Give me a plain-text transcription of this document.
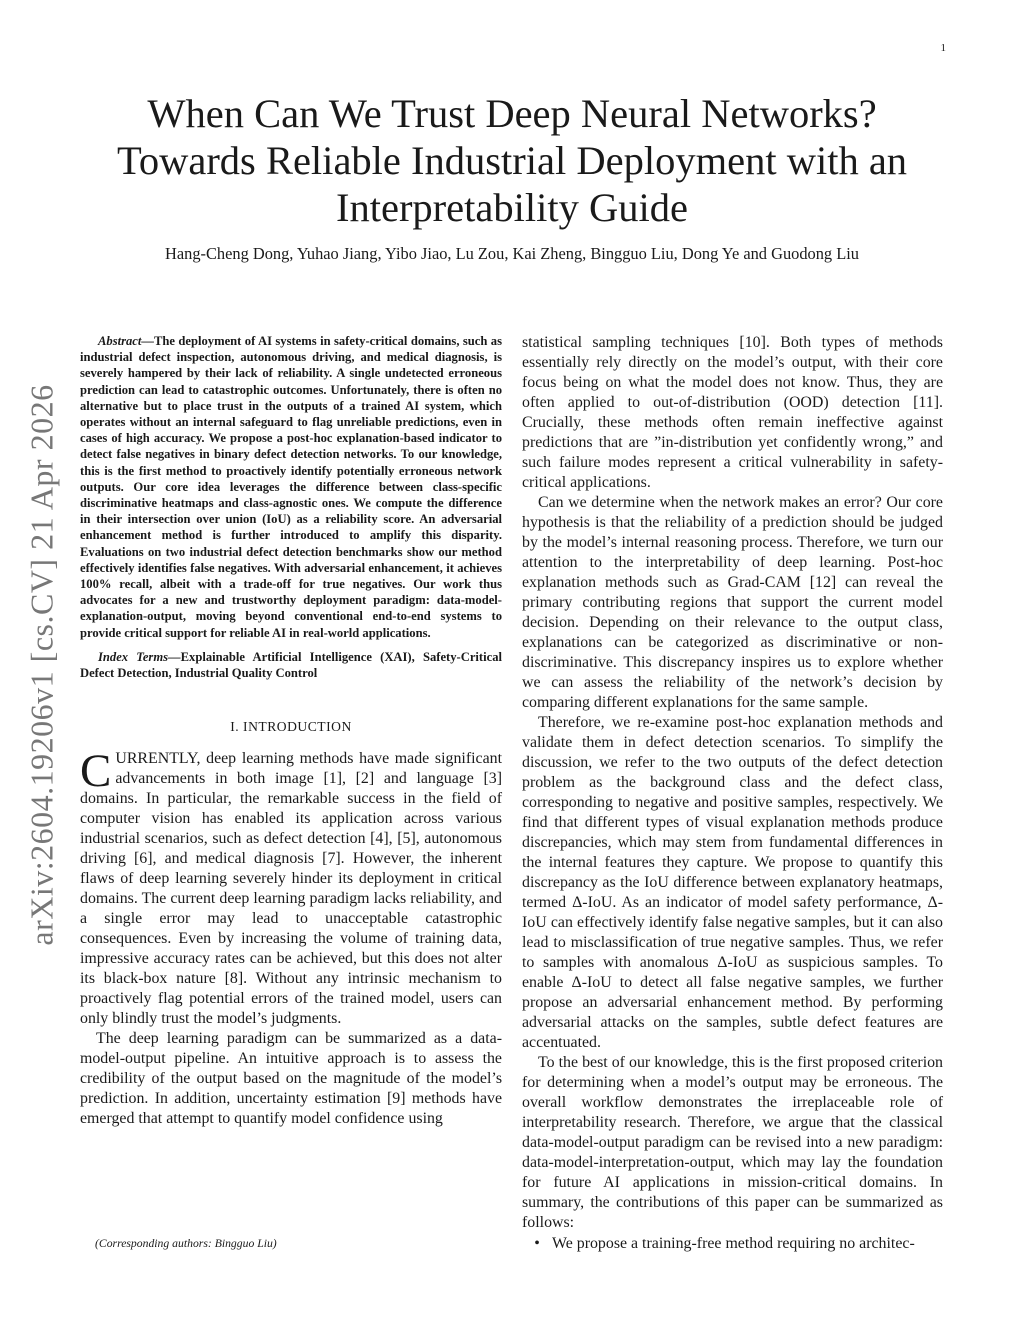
1
arXiv:2604.19206v1 [cs.CV] 21 Apr 2026
When Can We Trust Deep Neural Networks?
Towards Reliable Industrial Deployment with an
Interpretability Guide
Hang-Cheng Dong, Yuhao Jiang, Yibo Jiao, Lu Zou, Kai Zheng, Bingguo Liu, Dong Ye and Guodong Liu

Abstract—The deployment of AI systems in safety-critical domains, such as industrial defect inspection, autonomous driving, and medical diagnosis, is severely hampered by their lack of reliability. A single undetected erroneous prediction can lead to catastrophic outcomes. Unfortunately, there is often no alternative but to place trust in the outputs of a trained AI system, which operates without an internal safeguard to flag unreliable predictions, even in cases of high accuracy. We propose a post-hoc explanation-based indicator to detect false negatives in binary defect detection networks. To our knowledge, this is the first method to proactively identify potentially erroneous network outputs. Our core idea leverages the difference between class-specific discriminative heatmaps and class-agnostic ones. We compute the difference in their intersection over union (IoU) as a reliability score. An adversarial enhancement method is further introduced to amplify this disparity. Evaluations on two industrial defect detection benchmarks show our method effectively identifies false negatives. With adversarial enhancement, it achieves 100% recall, albeit with a trade-off for true negatives. Our work thus advocates for a new and trustworthy deployment paradigm: data-model-explanation-output, moving beyond conventional end-to-end systems to provide critical support for reliable AI in real-world applications.

Index Terms—Explainable Artificial Intelligence (XAI), Safety-Critical Defect Detection, Industrial Quality Control

I. INTRODUCTION

CURRENTLY, deep learning methods have made significant advancements in both image [1], [2] and language [3] domains. In particular, the remarkable success in the field of computer vision has enabled its application across various industrial scenarios, such as defect detection [4], [5], autonomous driving [6], and medical diagnosis [7]. However, the inherent flaws of deep learning severely hinder its deployment in critical domains. The current deep learning paradigm lacks reliability, and a single error may lead to unacceptable catastrophic consequences. Even by increasing the volume of training data, impressive accuracy rates can be achieved, but this does not alter its black-box nature [8]. Without any intrinsic mechanism to proactively flag potential errors of the trained model, users can only blindly trust the model’s judgments.

The deep learning paradigm can be summarized as a data-model-output pipeline. An intuitive approach is to assess the credibility of the output based on the magnitude of the model’s prediction. In addition, uncertainty estimation [9] methods have emerged that attempt to quantify model confidence using

statistical sampling techniques [10]. Both types of methods essentially rely directly on the model’s output, with their core focus being on what the model does not know. Thus, they are often applied to out-of-distribution (OOD) detection [11]. Crucially, these methods often remain ineffective against predictions that are ”in-distribution yet confidently wrong,” and such failure modes represent a critical vulnerability in safety-critical applications.

Can we determine when the network makes an error? Our core hypothesis is that the reliability of a prediction should be judged by the model’s internal reasoning process. Therefore, we turn our attention to the interpretability of deep learning. Post-hoc explanation methods such as Grad-CAM [12] can reveal the primary contributing regions that support the current model decision. Depending on their relevance to the output class, explanations can be categorized as discriminative or non-discriminative. This discrepancy inspires us to explore whether we can assess the reliability of the network’s decision by comparing different explanations for the same sample.

Therefore, we re-examine post-hoc explanation methods and validate them in defect detection scenarios. To simplify the discussion, we refer to the two outputs of the defect detection problem as the background class and the defect class, corresponding to negative and positive samples, respectively. We find that different types of visual explanation methods produce discrepancies, which may stem from fundamental differences in the internal features they capture. We propose to quantify this discrepancy as the IoU difference between explanatory heatmaps, termed Δ-IoU. As an indicator of model safety performance, Δ-IoU can effectively identify false negative samples, but it can also lead to misclassification of true negative samples. Thus, we refer to samples with anomalous Δ-IoU as suspicious samples. To enable Δ-IoU to detect all false negative samples, we further propose an adversarial enhancement method. By performing adversarial attacks on the samples, subtle defect features are accentuated.

To the best of our knowledge, this is the first proposed criterion for determining when a model’s output may be erroneous. The overall workflow demonstrates the irreplaceable role of interpretability research. Therefore, we argue that the classical data-model-output paradigm can be revised into a new paradigm: data-model-interpretation-output, which may lay the foundation for future AI applications in mission-critical domains. In summary, the contributions of this paper can be summarized as follows:

• We propose a training-free method requiring no architec-
(Corresponding authors: Bingguo Liu)
